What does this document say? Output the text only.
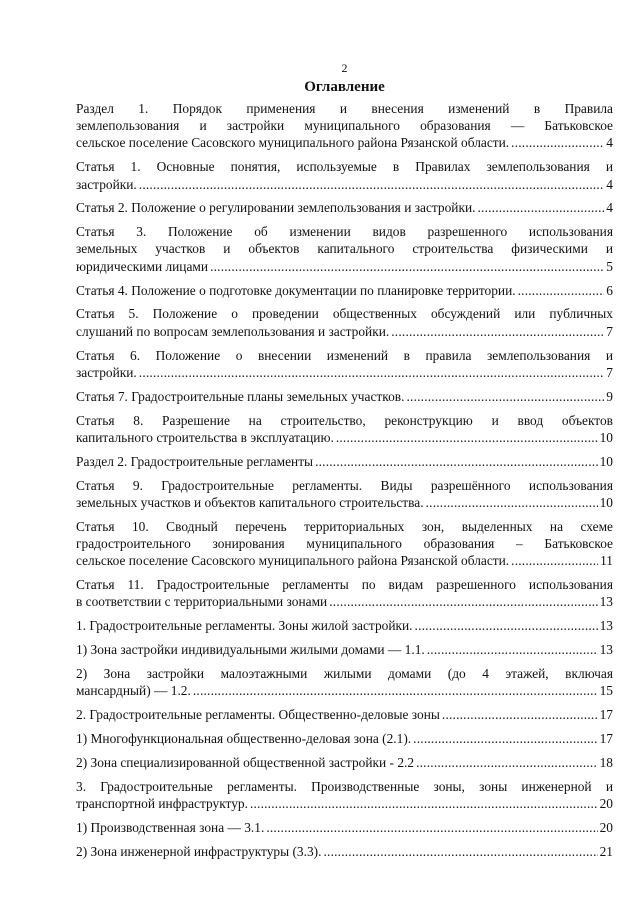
2
Оглавление
Раздел 1. Порядок применения и внесения изменений в Правила
землепользования и застройки муниципального образования — Батьковское
сельское поселение Сасовского муниципального района Рязанской области. .....	4
Статья 1. Основные понятия, используемые в Правилах землепользования и
застройки. .....	4
Статья 2. Положение о регулировании землепользования и застройки. .....	4
Статья 3. Положение об изменении видов разрешенного использования
земельных участков и объектов капитального строительства физическими и
юридическими лицами .....	5
Статья 4. Положение о подготовке документации по планировке территории. .....	6
Статья 5. Положение о проведении общественных обсуждений или публичных
слушаний по вопросам землепользования и застройки. .....	7
Статья 6. Положение о внесении изменений в правила землепользования и
застройки. .....	7
Статья 7. Градостроительные планы земельных участков. .....	9
Статья 8. Разрешение на строительство, реконструкцию и ввод объектов
капитального строительства в эксплуатацию. .....	10
Раздел 2. Градостроительные регламенты .....	10
Статья 9. Градостроительные регламенты. Виды разрешённого использования
земельных участков и объектов капитального строительства. .....	10
Статья 10. Сводный перечень территориальных зон, выделенных на схеме
градостроительного зонирования муниципального образования – Батьковское
сельское поселение Сасовского муниципального района Рязанской области. .....	11
Статья 11. Градостроительные регламенты по видам разрешенного использования
в соответствии с территориальными зонами .....	13
1. Градостроительные регламенты. Зоны жилой застройки. .....	13
1) Зона застройки индивидуальными жилыми домами — 1.1. .....	13
2) Зона застройки малоэтажными жилыми домами (до 4 этажей, включая
мансардный) — 1.2. .....	15
2. Градостроительные регламенты. Общественно-деловые зоны .....	17
1) Многофункциональная общественно-деловая зона (2.1). .....	17
2) Зона специализированной общественной застройки - 2.2 .....	18
3. Градостроительные регламенты. Производственные зоны, зоны инженерной и
транспортной инфраструктур. .....	20
1) Производственная зона — 3.1. .....	20
2) Зона инженерной инфраструктуры (3.3). .....	21
